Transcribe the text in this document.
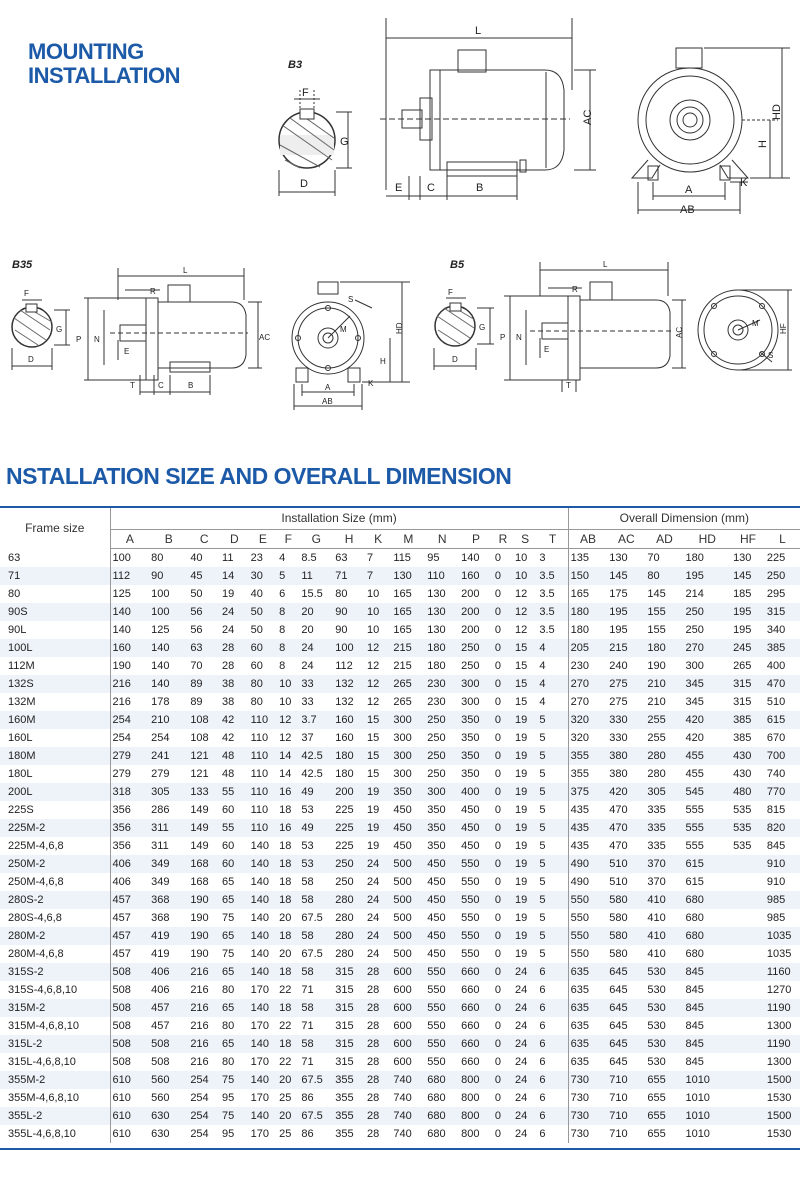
MOUNTING
INSTALLATION	B3
F
G
D
L
AC
E C	B
HD
H
A
AB
K
B35
F
G
D
L
R
P N
E
AC
T	C	B
M
S
HD
H
A
AB
K
B5
F
G
D
L
R
P N
E
AC
T
M
S
HF
NSTALLATION SIZE AND OVERALL DIMENSION
Frame size	Installation Size (mm)															Overall Dimension (mm)					
	A	B	C	D	E	F	G	H	K	M	N	P	R	S	T	AB	AC	AD	HD	HF	L
63	100	80	40	11	23	4	8.5	63	7	115	95	140	0	10	3	135	130	70	180	130	225
71	112	90	45	14	30	5	11	71	7	130	110	160	0	10	3.5	150	145	80	195	145	250
80	125	100	50	19	40	6	15.5	80	10	165	130	200	0	12	3.5	165	175	145	214	185	295
90S	140	100	56	24	50	8	20	90	10	165	130	200	0	12	3.5	180	195	155	250	195	315
90L	140	125	56	24	50	8	20	90	10	165	130	200	0	12	3.5	180	195	155	250	195	340
100L	160	140	63	28	60	8	24	100	12	215	180	250	0	15	4	205	215	180	270	245	385
112M	190	140	70	28	60	8	24	112	12	215	180	250	0	15	4	230	240	190	300	265	400
132S	216	140	89	38	80	10	33	132	12	265	230	300	0	15	4	270	275	210	345	315	470
132M	216	178	89	38	80	10	33	132	12	265	230	300	0	15	4	270	275	210	345	315	510
160M	254	210	108	42	110	12	3.7	160	15	300	250	350	0	19	5	320	330	255	420	385	615
160L	254	254	108	42	110	12	37	160	15	300	250	350	0	19	5	320	330	255	420	385	670
180M	279	241	121	48	110	14	42.5	180	15	300	250	350	0	19	5	355	380	280	455	430	700
180L	279	279	121	48	110	14	42.5	180	15	300	250	350	0	19	5	355	380	280	455	430	740
200L	318	305	133	55	110	16	49	200	19	350	300	400	0	19	5	375	420	305	545	480	770
225S	356	286	149	60	110	18	53	225	19	450	350	450	0	19	5	435	470	335	555	535	815
225M-2	356	311	149	55	110	16	49	225	19	450	350	450	0	19	5	435	470	335	555	535	820
225M-4,6,8	356	311	149	60	140	18	53	225	19	450	350	450	0	19	5	435	470	335	555	535	845
250M-2	406	349	168	60	140	18	53	250	24	500	450	550	0	19	5	490	510	370	615		910
250M-4,6,8	406	349	168	65	140	18	58	250	24	500	450	550	0	19	5	490	510	370	615		910
280S-2	457	368	190	65	140	18	58	280	24	500	450	550	0	19	5	550	580	410	680		985
280S-4,6,8	457	368	190	75	140	20	67.5	280	24	500	450	550	0	19	5	550	580	410	680		985
280M-2	457	419	190	65	140	18	58	280	24	500	450	550	0	19	5	550	580	410	680		1035
280M-4,6,8	457	419	190	75	140	20	67.5	280	24	500	450	550	0	19	5	550	580	410	680		1035
315S-2	508	406	216	65	140	18	58	315	28	600	550	660	0	24	6	635	645	530	845		1160
315S-4,6,8,10	508	406	216	80	170	22	71	315	28	600	550	660	0	24	6	635	645	530	845		1270
315M-2	508	457	216	65	140	18	58	315	28	600	550	660	0	24	6	635	645	530	845		1190
315M-4,6,8,10	508	457	216	80	170	22	71	315	28	600	550	660	0	24	6	635	645	530	845		1300
315L-2	508	508	216	65	140	18	58	315	28	600	550	660	0	24	6	635	645	530	845		1190
315L-4,6,8,10	508	508	216	80	170	22	71	315	28	600	550	660	0	24	6	635	645	530	845		1300
355M-2	610	560	254	75	140	20	67.5	355	28	740	680	800	0	24	6	730	710	655	1010		1500
355M-4,6,8,10	610	560	254	95	170	25	86	355	28	740	680	800	0	24	6	730	710	655	1010		1530
355L-2	610	630	254	75	140	20	67.5	355	28	740	680	800	0	24	6	730	710	655	1010		1500
355L-4,6,8,10	610	630	254	95	170	25	86	355	28	740	680	800	0	24	6	730	710	655	1010		1530
